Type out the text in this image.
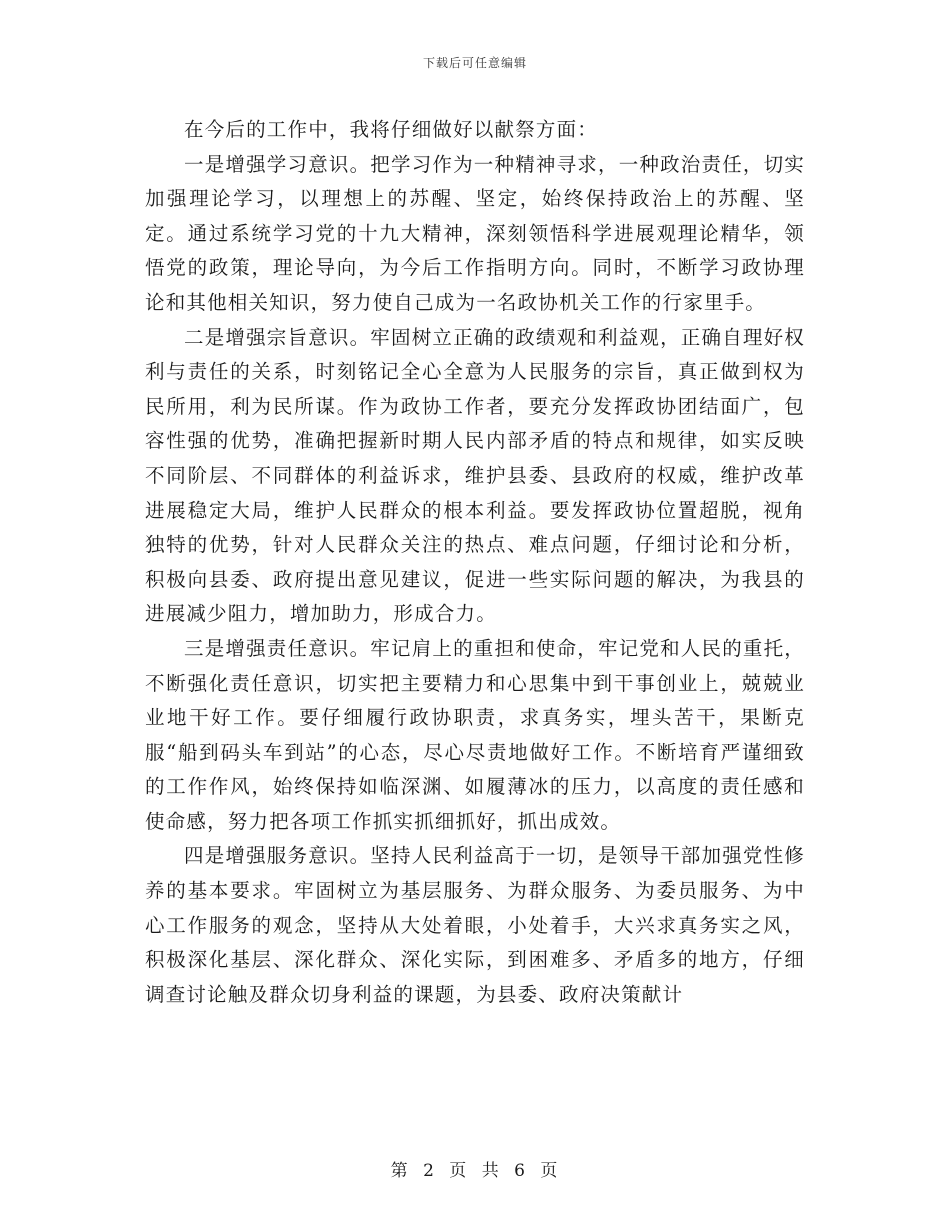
下载后可任意编辑

在今后的工作中，我将仔细做好以献祭方面：

一是增强学习意识。把学习作为一种精神寻求，一种政治责任，切实加强理论学习，以理想上的苏醒、坚定，始终保持政治上的苏醒、坚定。通过系统学习党的十九大精神，深刻领悟科学进展观理论精华，领悟党的政策，理论导向，为今后工作指明方向。同时，不断学习政协理论和其他相关知识，努力使自己成为一名政协机关工作的行家里手。

二是增强宗旨意识。牢固树立正确的政绩观和利益观，正确自理好权利与责任的关系，时刻铭记全心全意为人民服务的宗旨，真正做到权为民所用，利为民所谋。作为政协工作者，要充分发挥政协团结面广，包容性强的优势，准确把握新时期人民内部矛盾的特点和规律，如实反映不同阶层、不同群体的利益诉求，维护县委、县政府的权威，维护改革进展稳定大局，维护人民群众的根本利益。要发挥政协位置超脱，视角独特的优势，针对人民群众关注的热点、难点问题，仔细讨论和分析，积极向县委、政府提出意见建议，促进一些实际问题的解决，为我县的进展减少阻力，增加助力，形成合力。

三是增强责任意识。牢记肩上的重担和使命，牢记党和人民的重托，不断强化责任意识，切实把主要精力和心思集中到干事创业上，兢兢业业地干好工作。要仔细履行政协职责，求真务实，埋头苦干，果断克服“船到码头车到站”的心态，尽心尽责地做好工作。不断培育严谨细致的工作作风，始终保持如临深渊、如履薄冰的压力，以高度的责任感和使命感，努力把各项工作抓实抓细抓好，抓出成效。

四是增强服务意识。坚持人民利益高于一切，是领导干部加强党性修养的基本要求。牢固树立为基层服务、为群众服务、为委员服务、为中心工作服务的观念，坚持从大处着眼，小处着手，大兴求真务实之风，积极深化基层、深化群众、深化实际，到困难多、矛盾多的地方，仔细调查讨论触及群众切身利益的课题，为县委、政府决策献计

第 2 页 共 6 页
